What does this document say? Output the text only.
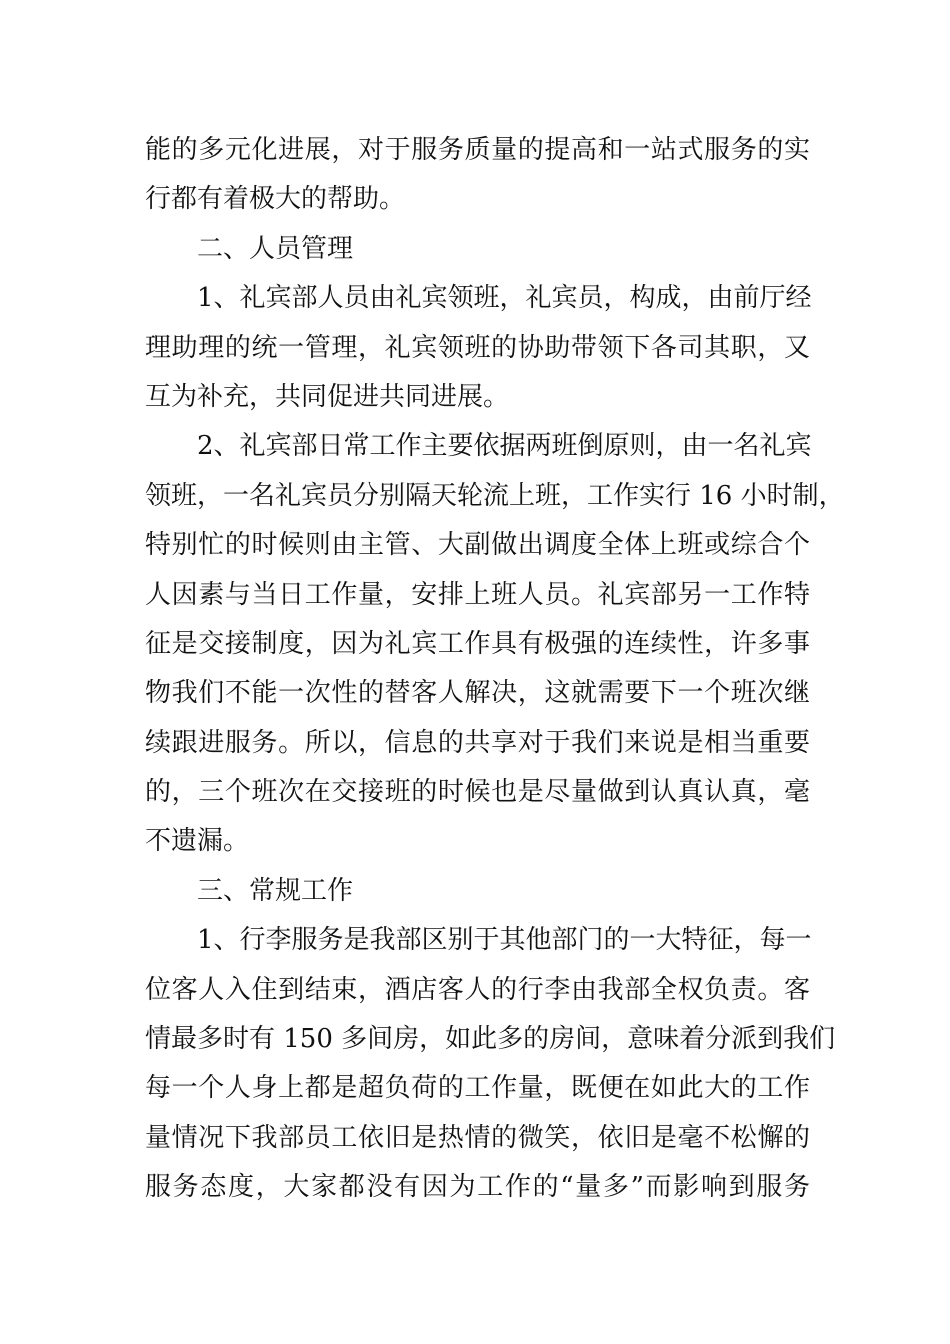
能的多元化进展，对于服务质量的提高和一站式服务的实
行都有着极大的帮助。
二、人员管理
1、礼宾部人员由礼宾领班，礼宾员，构成，由前厅经
理助理的统一管理，礼宾领班的协助带领下各司其职，又
互为补充，共同促进共同进展。
2、礼宾部日常工作主要依据两班倒原则，由一名礼宾
领班，一名礼宾员分别隔天轮流上班，工作实行 16 小时制，
特别忙的时候则由主管、大副做出调度全体上班或综合个
人因素与当日工作量，安排上班人员。礼宾部另一工作特
征是交接制度，因为礼宾工作具有极强的连续性，许多事
物我们不能一次性的替客人解决，这就需要下一个班次继
续跟进服务。所以，信息的共享对于我们来说是相当重要
的，三个班次在交接班的时候也是尽量做到认真认真，毫
不遗漏。
三、常规工作
1、行李服务是我部区别于其他部门的一大特征，每一
位客人入住到结束，酒店客人的行李由我部全权负责。客
情最多时有 150 多间房，如此多的房间，意味着分派到我们
每一个人身上都是超负荷的工作量，既便在如此大的工作
量情况下我部员工依旧是热情的微笑，依旧是毫不松懈的
服务态度，大家都没有因为工作的“量多”而影响到服务
